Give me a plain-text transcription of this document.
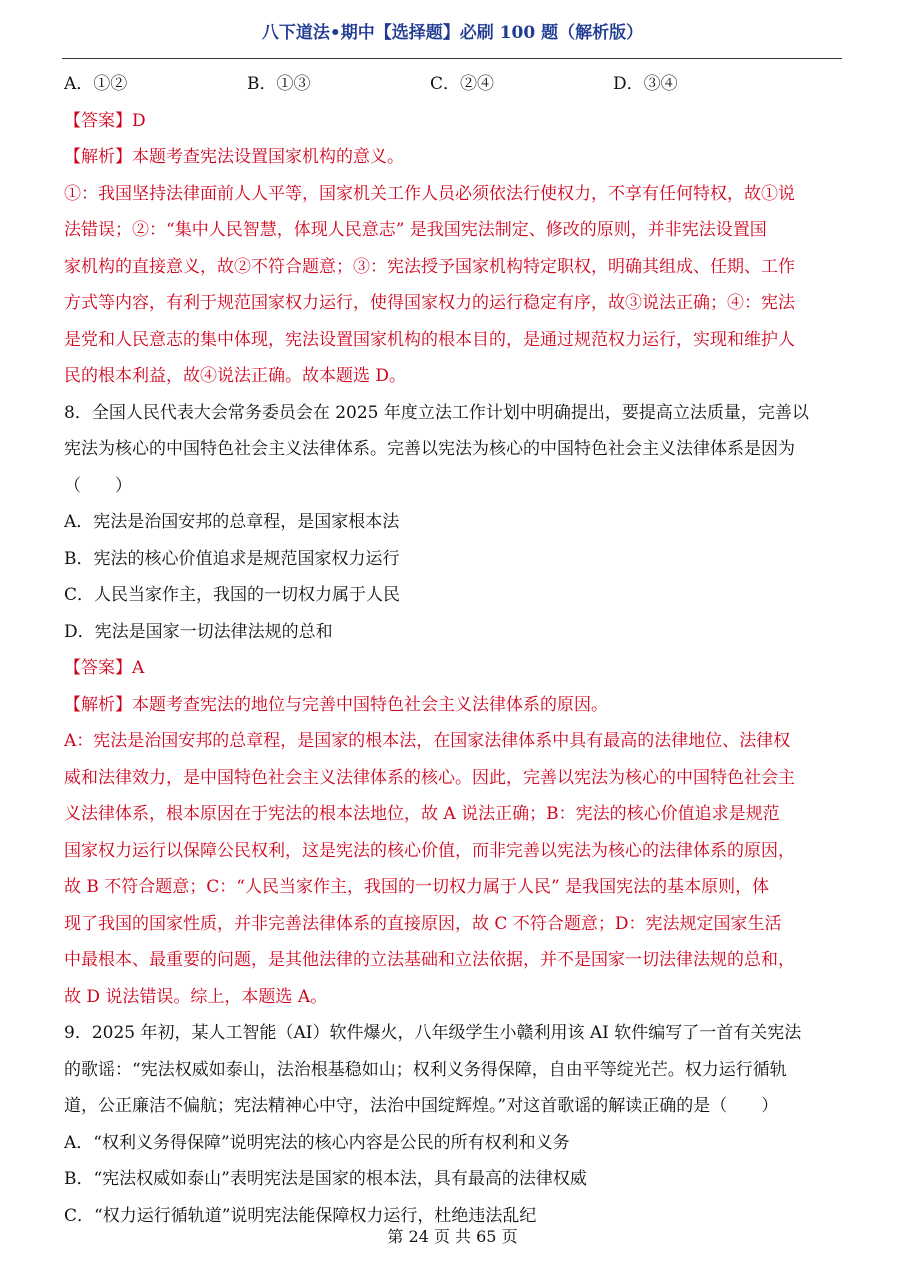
八下道法•期中【选择题】必刷 100 题（解析版）
A．①②	B．①③	C．②④	D．③④
【答案】D
【解析】本题考查宪法设置国家机构的意义。
①：我国坚持法律面前人人平等，国家机关工作人员必须依法行使权力，不享有任何特权，故①说
法错误；②：“集中人民智慧，体现人民意志” 是我国宪法制定、修改的原则，并非宪法设置国
家机构的直接意义，故②不符合题意；③：宪法授予国家机构特定职权，明确其组成、任期、工作
方式等内容，有利于规范国家权力运行，使得国家权力的运行稳定有序，故③说法正确；④：宪法
是党和人民意志的集中体现，宪法设置国家机构的根本目的，是通过规范权力运行，实现和维护人
民的根本利益，故④说法正确。故本题选 D。
8．全国人民代表大会常务委员会在 2025 年度立法工作计划中明确提出，要提高立法质量，完善以
宪法为核心的中国特色社会主义法律体系。完善以宪法为核心的中国特色社会主义法律体系是因为
（　　）
A．宪法是治国安邦的总章程，是国家根本法
B．宪法的核心价值追求是规范国家权力运行
C．人民当家作主，我国的一切权力属于人民
D．宪法是国家一切法律法规的总和
【答案】A
【解析】本题考查宪法的地位与完善中国特色社会主义法律体系的原因。
A：宪法是治国安邦的总章程，是国家的根本法，在国家法律体系中具有最高的法律地位、法律权
威和法律效力，是中国特色社会主义法律体系的核心。因此，完善以宪法为核心的中国特色社会主
义法律体系，根本原因在于宪法的根本法地位，故 A 说法正确；B：宪法的核心价值追求是规范
国家权力运行以保障公民权利，这是宪法的核心价值，而非完善以宪法为核心的法律体系的原因，
故 B 不符合题意；C：“人民当家作主，我国的一切权力属于人民” 是我国宪法的基本原则，体
现了我国的国家性质，并非完善法律体系的直接原因，故 C 不符合题意；D：宪法规定国家生活
中最根本、最重要的问题，是其他法律的立法基础和立法依据，并不是国家一切法律法规的总和，
故 D 说法错误。综上，本题选 A。
9．2025 年初，某人工智能（AI）软件爆火，八年级学生小赣利用该 AI 软件编写了一首有关宪法
的歌谣：“宪法权威如泰山，法治根基稳如山；权利义务得保障，自由平等绽光芒。权力运行循轨
道，公正廉洁不偏航；宪法精神心中守，法治中国绽辉煌。”对这首歌谣的解读正确的是（　　）
A．“权利义务得保障”说明宪法的核心内容是公民的所有权利和义务
B．“宪法权威如泰山”表明宪法是国家的根本法，具有最高的法律权威
C．“权力运行循轨道”说明宪法能保障权力运行，杜绝违法乱纪
第 24 页 共 65 页
